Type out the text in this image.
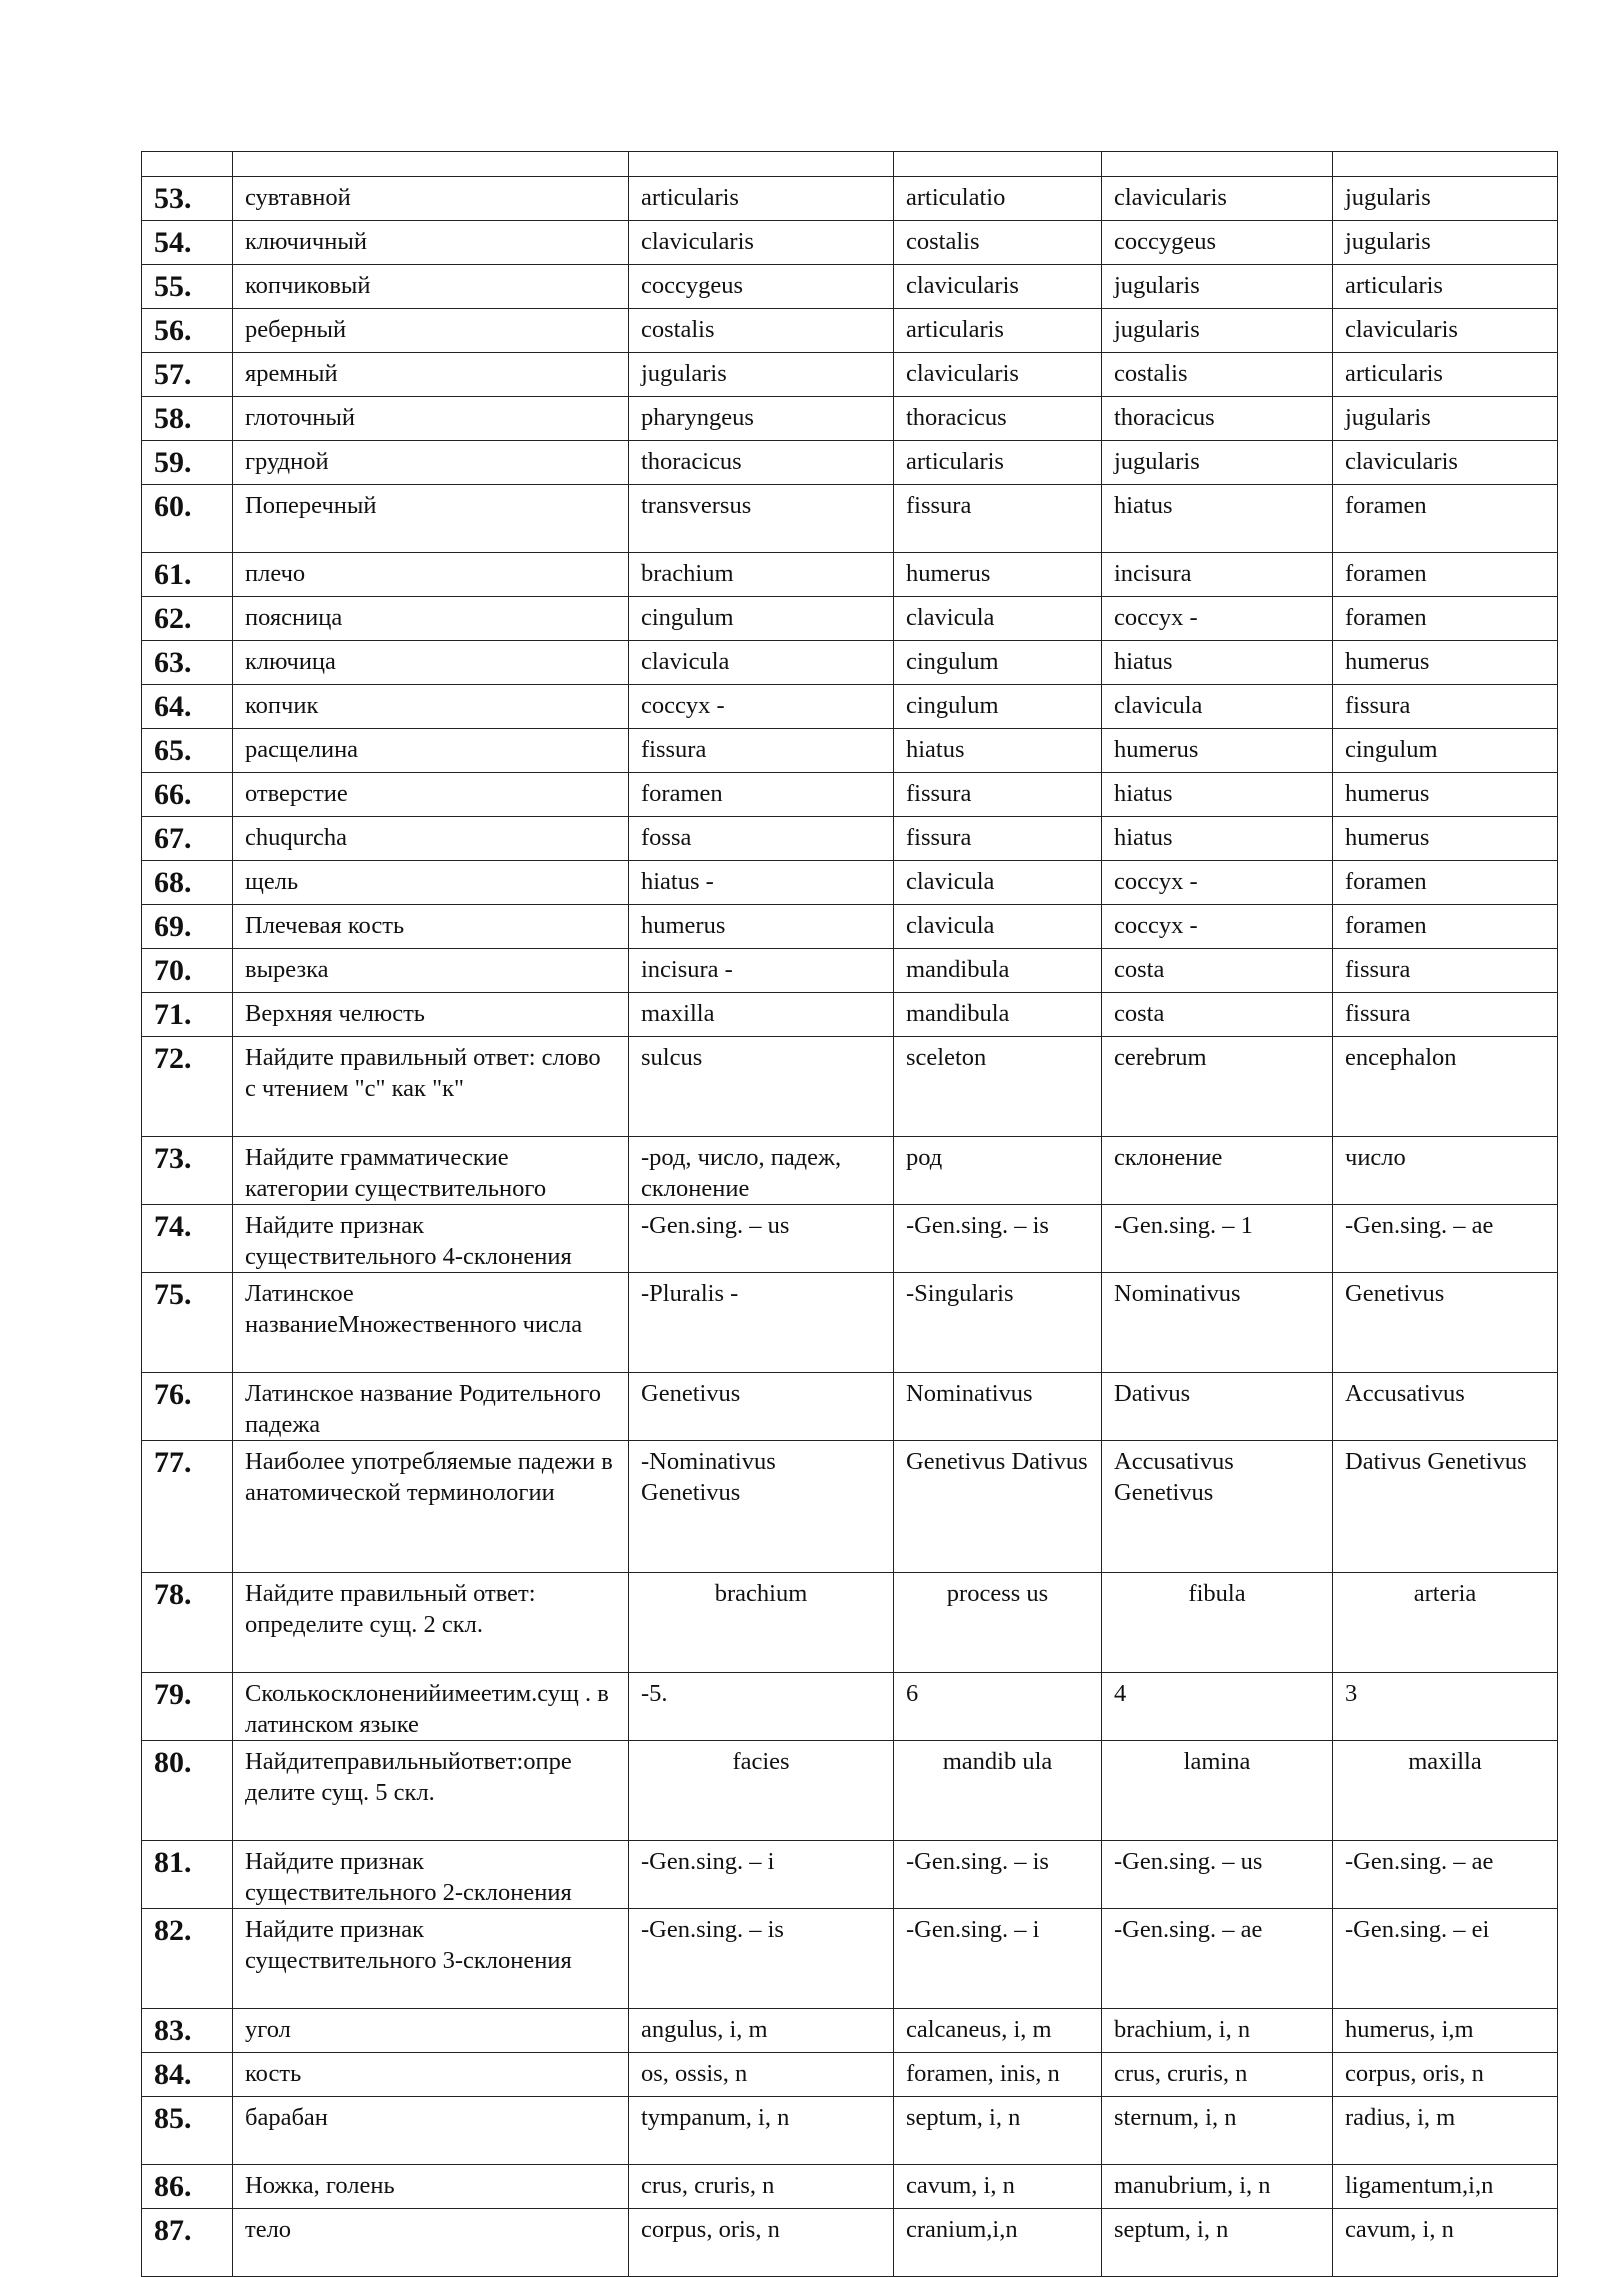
53.	сувтавной	articularis	articulatio	clavicularis	jugularis
54.	ключичный	clavicularis	costalis	coccygeus	jugularis
55.	копчиковый	coccygeus	clavicularis	jugularis	articularis
56.	реберный	costalis	articularis	jugularis	clavicularis
57.	яремный	jugularis	clavicularis	costalis	articularis
58.	глоточный	pharyngeus	thoracicus	thoracicus	jugularis
59.	грудной	thoracicus	articularis	jugularis	clavicularis
60.	Поперечный	transversus	fissura	hiatus	foramen
61.	плечо	brachium	humerus	incisura	foramen
62.	поясница	cingulum	clavicula	coccyx -	foramen
63.	ключица	clavicula	cingulum	hiatus	humerus
64.	копчик	coccyx -	cingulum	clavicula	fissura
65.	расщелина	fissura	hiatus	humerus	cingulum
66.	отверстие	foramen	fissura	hiatus	humerus
67.	chuqurcha	fossa	fissura	hiatus	humerus
68.	щель	hiatus -	clavicula	coccyx -	foramen
69.	Плечевая кость	humerus	clavicula	coccyx -	foramen
70.	вырезка	incisura -	mandibula	costa	fissura
71.	Верхняя челюсть	maxilla	mandibula	costa	fissura
72.	Найдите правильный ответ: слово с чтением "с" как "к"	sulcus	sceleton	cerebrum	encephalon
73.	Найдите грамматические категории существительного	-род, число, падеж, склонение	род	склонение	число
74.	Найдите признак существительного 4-склонения	-Gen.sing. – us	-Gen.sing. – is	-Gen.sing. – 1	-Gen.sing. – ae
75.	Латинское названиеМножественного числа	-Pluralis -	-Singularis	Nominativus	Genetivus
76.	Латинское название Родительного падежа	Genetivus	Nominativus	Dativus	Accusativus
77.	Наиболее употребляемые падежи в анатомической терминологии	-Nominativus Genetivus	Genetivus Dativus	Accusativus Genetivus	Dativus Genetivus
78.	Найдите правильный ответ: определите сущ. 2 скл.	brachium	process us	fibula	arteria
79.	Сколькосклоненийимеетим.сущ . в латинском языке	-5.	6	4	3
80.	Найдитеправильныйответ:опре делите сущ. 5 скл.	facies	mandib ula	lamina	maxilla
81.	Найдите признак существительного 2-склонения	-Gen.sing. – i	-Gen.sing. – is	-Gen.sing. – us	-Gen.sing. – ae
82.	Найдите признак существительного 3-склонения	-Gen.sing. – is	-Gen.sing. – i	-Gen.sing. – ae	-Gen.sing. – ei
83.	угол	angulus, i, m	calcaneus, i, m	brachium, i, n	humerus, i,m
84.	кость	os, ossis, n	foramen, inis, n	crus, cruris, n	corpus, oris, n
85.	барабан	tympanum, i, n	septum, i, n	sternum, i, n	radius, i, m
86.	Ножка, голень	crus, cruris, n	cavum, i, n	manubrium, i, n	ligamentum,i,n
87.	тело	corpus, oris, n	cranium,i,n	septum, i, n	cavum, i, n
